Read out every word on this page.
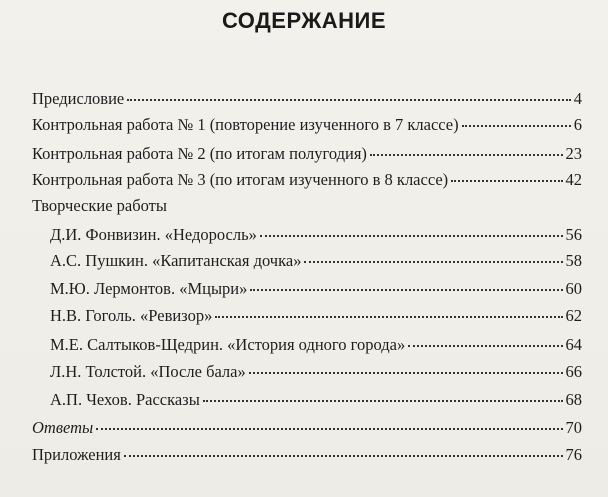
СОДЕРЖАНИЕ
Предисловие	4
Контрольная работа № 1 (повторение изученного в 7 классе)	6
Контрольная работа № 2 (по итогам полугодия)	23
Контрольная работа № 3 (по итогам изученного в 8 классе)	42
Творческие работы
Д.И. Фонвизин. «Недоросль»	56
А.С. Пушкин. «Капитанская дочка»	58
М.Ю. Лермонтов. «Мцыри»	60
Н.В. Гоголь. «Ревизор»	62
М.Е. Салтыков-Щедрин. «История одного города»	64
Л.Н. Толстой. «После бала»	66
А.П. Чехов. Рассказы	68
Ответы	70
Приложения	76
